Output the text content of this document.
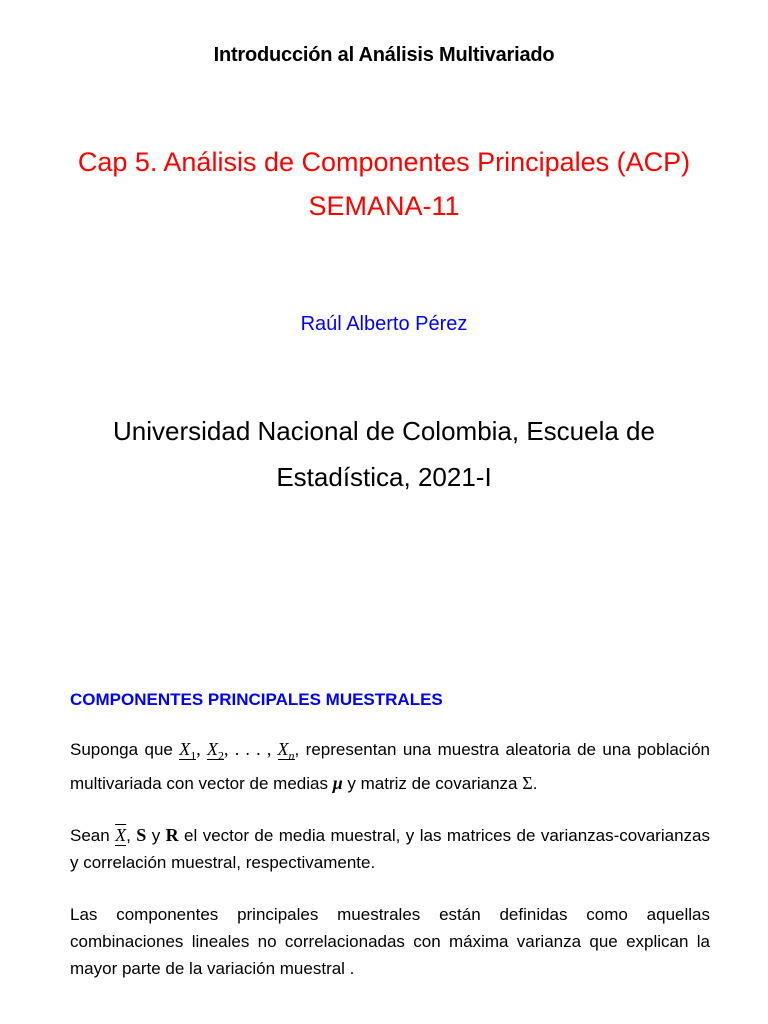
Introducción al Análisis Multivariado
Cap 5. Análisis de Componentes Principales (ACP)
SEMANA-11
Raúl Alberto Pérez
Universidad Nacional de Colombia, Escuela de
Estadística, 2021-I
COMPONENTES PRINCIPALES MUESTRALES

Suponga que $X_1$, $X_2$, . . . , $X_n$, representan una muestra aleatoria de una población multivariada con vector de medias μ y matriz de covarianza Σ.

Sean $\overline{X}$, S y R el vector de media muestral, y las matrices de varianzas-covarianzas y correlación muestral, respectivamente.

Las componentes principales muestrales están definidas como aquellas combinaciones lineales no correlacionadas con máxima varianza que explican la mayor parte de la variación muestral .
